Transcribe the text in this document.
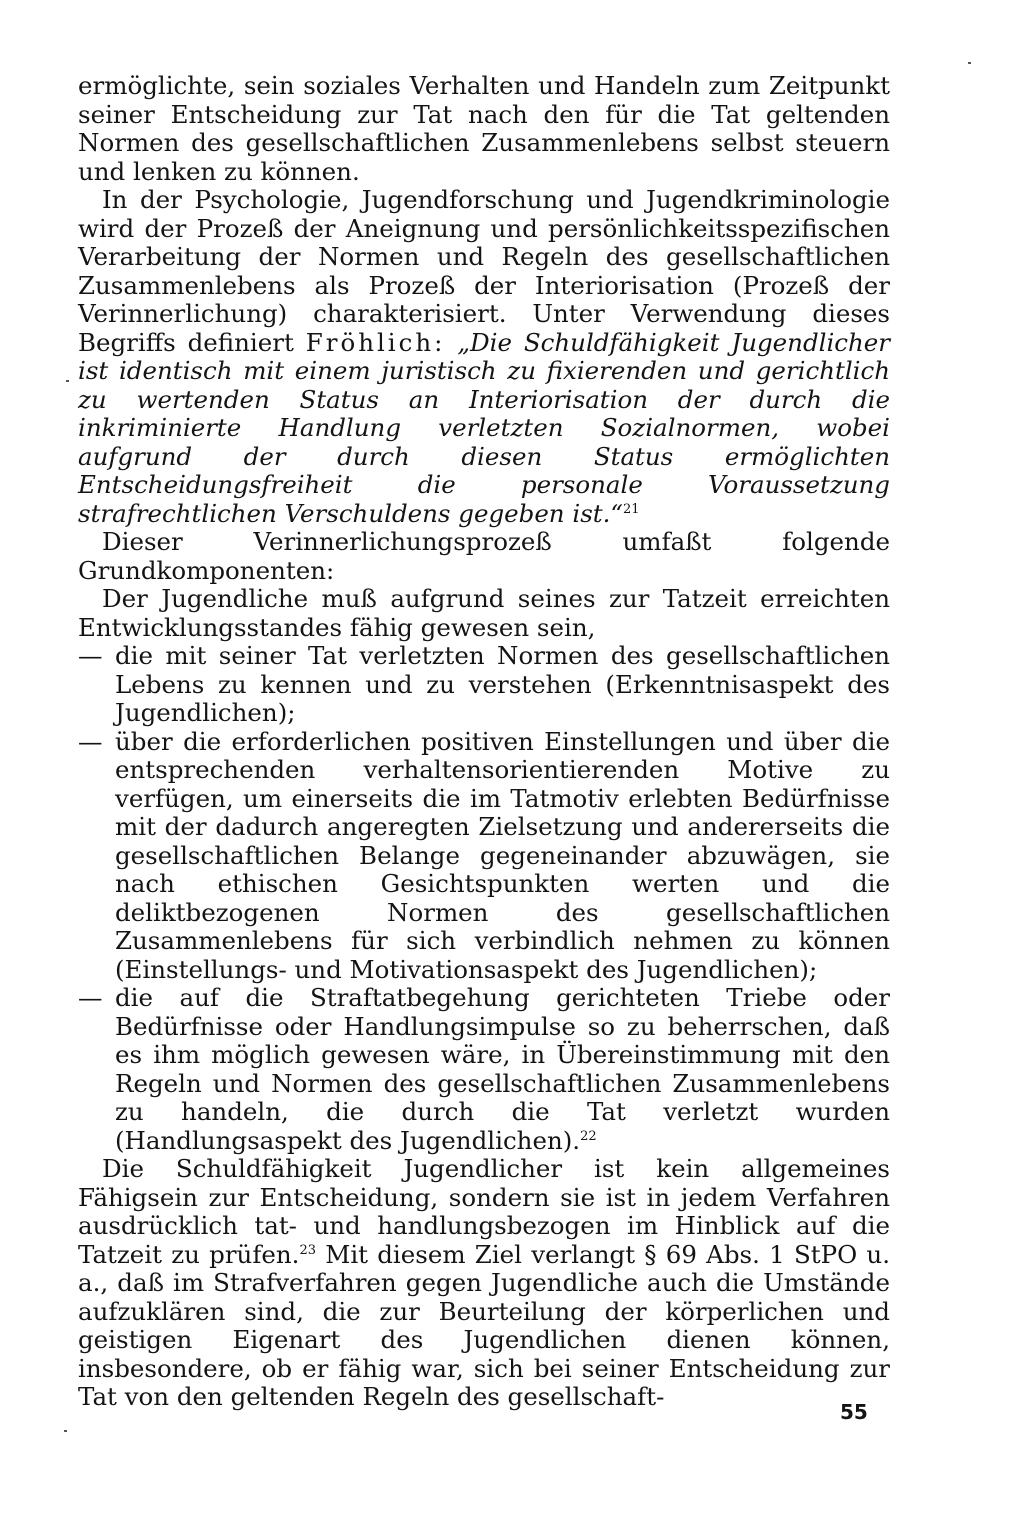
ermöglichte, sein soziales Verhalten und Handeln zum Zeitpunkt seiner Entscheidung zur Tat nach den für die Tat geltenden Normen des gesellschaftlichen Zusammenlebens selbst steuern und lenken zu können.

In der Psychologie, Jugendforschung und Jugendkriminologie wird der Prozeß der Aneignung und persönlichkeitsspezifischen Verarbeitung der Normen und Regeln des gesellschaftlichen Zusammenlebens als Prozeß der Interiorisation (Prozeß der Verinnerlichung) charakterisiert. Unter Verwendung dieses Begriffs definiert Fröhlich: „Die Schuldfähigkeit Jugendlicher ist identisch mit einem juristisch zu fixierenden und gerichtlich zu wertenden Status an Interiorisation der durch die inkriminierte Handlung verletzten Sozialnormen, wobei aufgrund der durch diesen Status ermöglichten Entscheidungsfreiheit die personale Voraussetzung strafrechtlichen Verschuldens gegeben ist.“$^{21}$

Dieser Verinnerlichungsprozeß umfaßt folgende Grundkomponenten:

Der Jugendliche muß aufgrund seines zur Tatzeit erreichten Entwicklungsstandes fähig gewesen sein,

— die mit seiner Tat verletzten Normen des gesellschaftlichen Lebens zu kennen und zu verstehen (Erkenntnisaspekt des Jugendlichen);
— über die erforderlichen positiven Einstellungen und über die entsprechenden verhaltensorientierenden Motive zu verfügen, um einerseits die im Tatmotiv erlebten Bedürfnisse mit der dadurch angeregten Zielsetzung und andererseits die gesellschaftlichen Belange gegeneinander abzuwägen, sie nach ethischen Gesichtspunkten werten und die deliktbezogenen Normen des gesellschaftlichen Zusammenlebens für sich verbindlich nehmen zu können (Einstellungs- und Motivationsaspekt des Jugendlichen);
— die auf die Straftatbegehung gerichteten Triebe oder Bedürfnisse oder Handlungsimpulse so zu beherrschen, daß es ihm möglich gewesen wäre, in Übereinstimmung mit den Regeln und Normen des gesellschaftlichen Zusammenlebens zu handeln, die durch die Tat verletzt wurden (Handlungsaspekt des Jugendlichen).$^{22}$

Die Schuldfähigkeit Jugendlicher ist kein allgemeines Fähigsein zur Entscheidung, sondern sie ist in jedem Verfahren ausdrücklich tat- und handlungsbezogen im Hinblick auf die Tatzeit zu prüfen.$^{23}$ Mit diesem Ziel verlangt § 69 Abs. 1 StPO u. a., daß im Strafverfahren gegen Jugendliche auch die Umstände aufzuklären sind, die zur Beurteilung der körperlichen und geistigen Eigenart des Jugendlichen dienen können, insbesondere, ob er fähig war, sich bei seiner Entscheidung zur Tat von den geltenden Regeln des gesellschaft-

55
